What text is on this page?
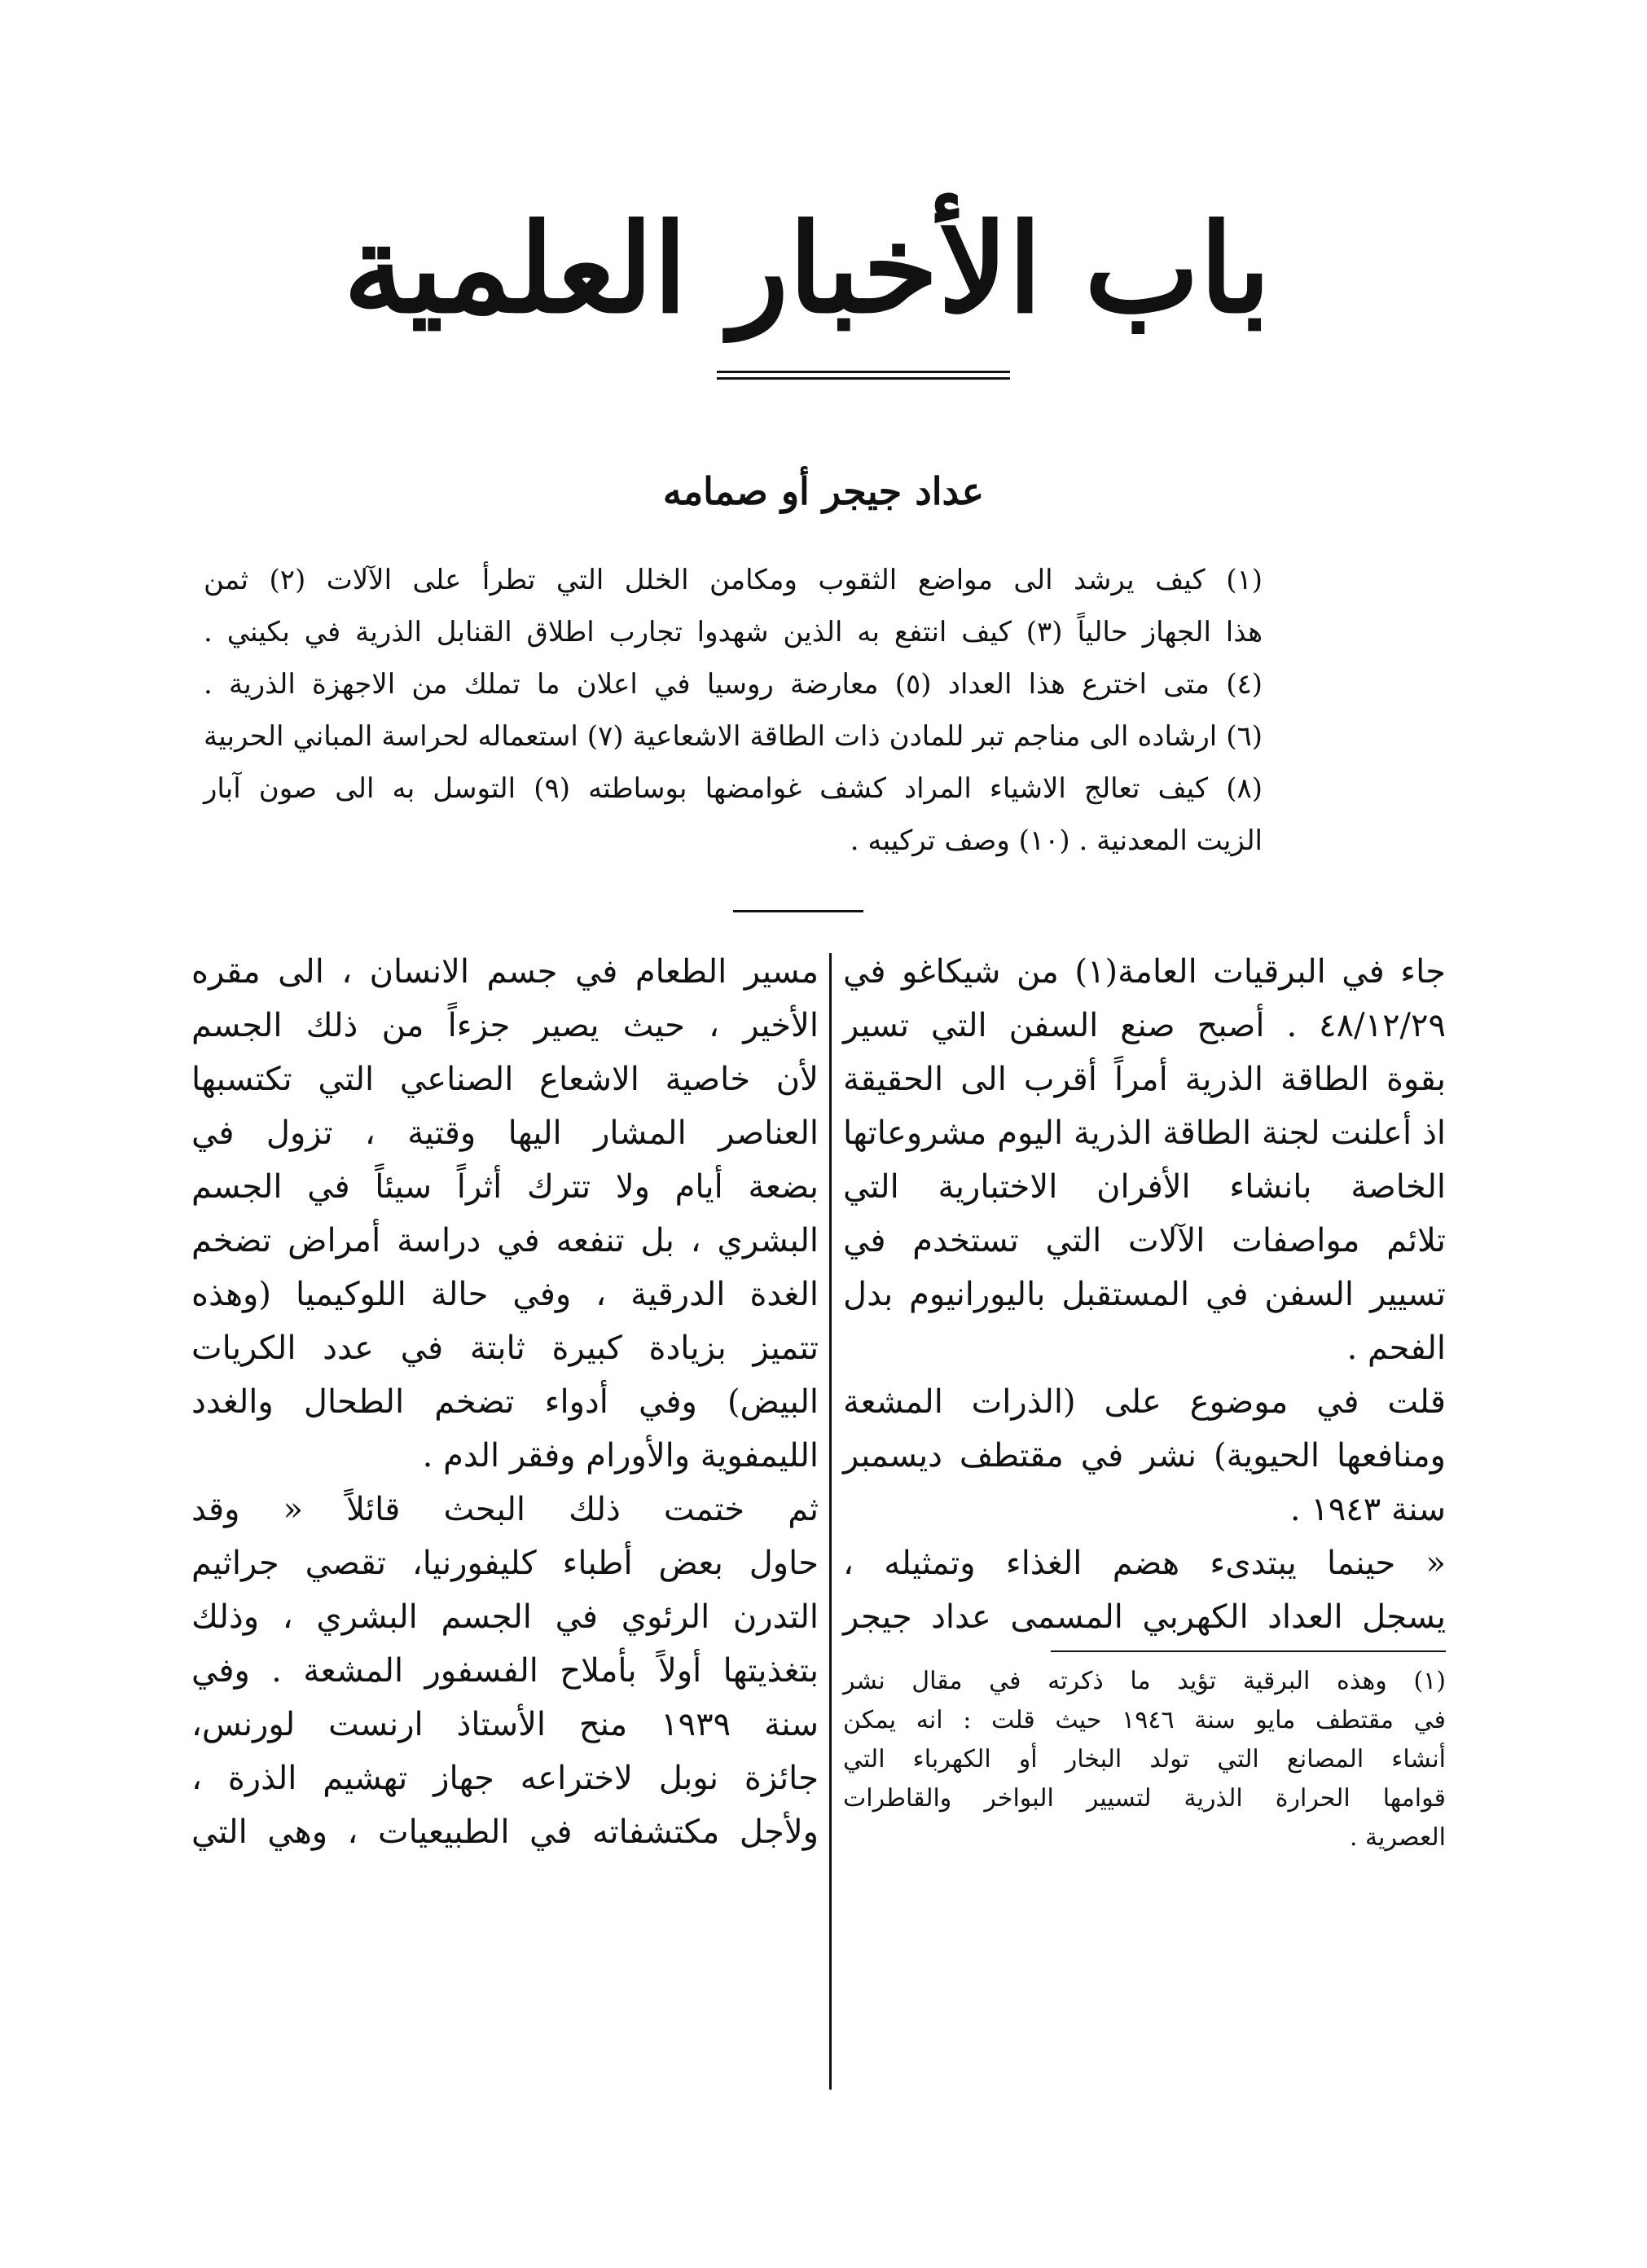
باب الأخبار العلمية
عداد جيجر أو صمامه
(١) كيف يرشد الى مواضع الثقوب ومكامن الخلل التي تطرأ على الآلات (٢) ثمن
هذا الجهاز حالياً (٣) كيف انتفع به الذين شهدوا تجارب اطلاق القنابل الذرية في بكيني .
(٤) متى اخترع هذا العداد (٥) معارضة روسيا في اعلان ما تملك من الاجهزة الذرية .
(٦) ارشاده الى مناجم تبر للمادن ذات الطاقة الاشعاعية (٧) استعماله لحراسة المباني الحربية
(٨) كيف تعالج الاشياء المراد كشف غوامضها بوساطته (٩) التوسل به الى صون آبار
الزيت المعدنية . (١٠) وصف تركيبه .
جاء في البرقيات العامة(١) من شيكاغو في
٤٨/١٢/٢٩ . أصبح صنع السفن التي تسير
بقوة الطاقة الذرية أمراً أقرب الى الحقيقة
اذ أعلنت لجنة الطاقة الذرية اليوم مشروعاتها
الخاصة بانشاء الأفران الاختبارية التي
تلائم مواصفات الآلات التي تستخدم في
تسيير السفن في المستقبل باليورانيوم بدل
الفحم .
قلت في موضوع على (الذرات المشعة
ومنافعها الحيوية) نشر في مقتطف ديسمبر
سنة ١٩٤٣ .
« حينما يبتدىء هضم الغذاء وتمثيله ،
يسجل العداد الكهربي المسمى عداد جيجر
(١) وهذه البرقية تؤيد ما ذكرته في مقال نشر
في مقتطف مايو سنة ١٩٤٦ حيث قلت : انه يمكن
أنشاء المصانع التي تولد البخار أو الكهرباء التي
قوامها الحرارة الذرية لتسيير البواخر والقاطرات
العصرية .
مسير الطعام في جسم الانسان ، الى مقره
الأخير ، حيث يصير جزءاً من ذلك الجسم
لأن خاصية الاشعاع الصناعي التي تكتسبها
العناصر المشار اليها وقتية ، تزول في
بضعة أيام ولا تترك أثراً سيئاً في الجسم
البشري ، بل تنفعه في دراسة أمراض تضخم
الغدة الدرقية ، وفي حالة اللوكيميا (وهذه
تتميز بزيادة كبيرة ثابتة في عدد الكريات
البيض) وفي أدواء تضخم الطحال والغدد
الليمفوية والأورام وفقر الدم .
ثم ختمت ذلك البحث قائلاً « وقد
حاول بعض أطباء كليفورنيا، تقصي جراثيم
التدرن الرئوي في الجسم البشري ، وذلك
بتغذيتها أولاً بأملاح الفسفور المشعة . وفي
سنة ١٩٣٩ منح الأستاذ ارنست لورنس،
جائزة نوبل لاختراعه جهاز تهشيم الذرة ،
ولأجل مكتشفاته في الطبيعيات ، وهي التي
